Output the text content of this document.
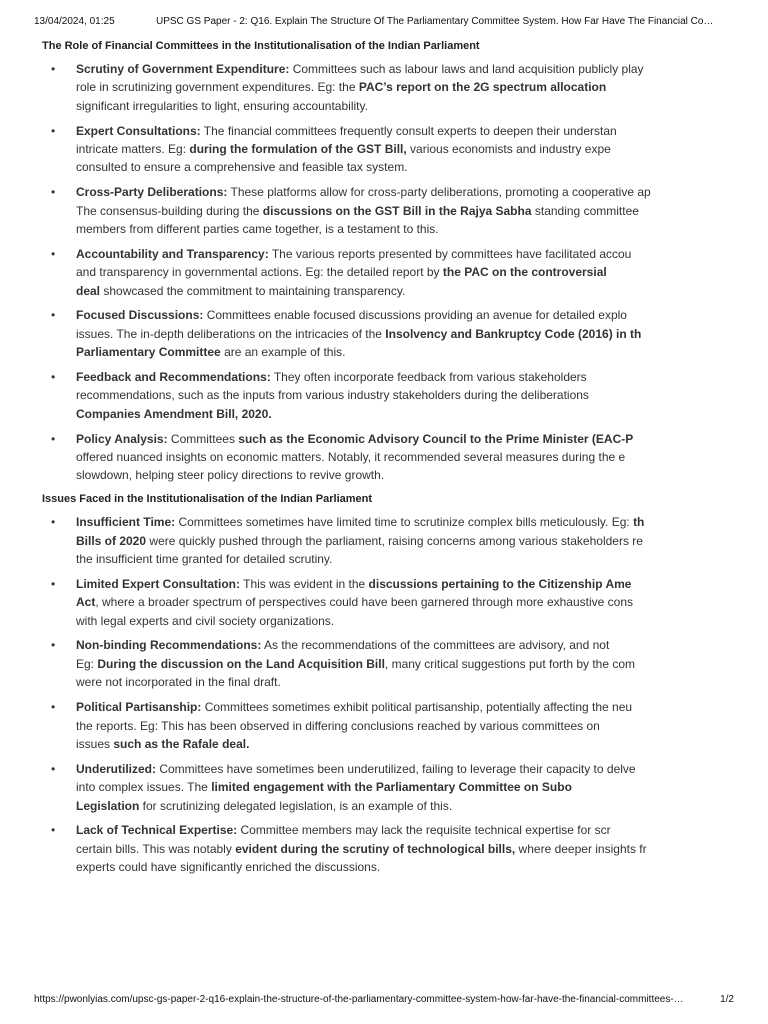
13/04/2024, 01:25	UPSC GS Paper - 2: Q16. Explain The Structure Of The Parliamentary Committee System. How Far Have The Financial Co…
The Role of Financial Committees in the Institutionalisation of the Indian Parliament
• Scrutiny of Government Expenditure: Committees such as labour laws and land acquisition publicly play
role in scrutinizing government expenditures. Eg: the PAC’s report on the 2G spectrum allocation
significant irregularities to light, ensuring accountability.
• Expert Consultations: The financial committees frequently consult experts to deepen their understan
intricate matters. Eg: during the formulation of the GST Bill, various economists and industry expe
consulted to ensure a comprehensive and feasible tax system.
• Cross-Party Deliberations: These platforms allow for cross-party deliberations, promoting a cooperative ap
The consensus-building during the discussions on the GST Bill in the Rajya Sabha standing committee
members from different parties came together, is a testament to this.
• Accountability and Transparency: The various reports presented by committees have facilitated accou
and transparency in governmental actions. Eg: the detailed report by the PAC on the controversial
deal showcased the commitment to maintaining transparency.
• Focused Discussions: Committees enable focused discussions providing an avenue for detailed explo
issues. The in-depth deliberations on the intricacies of the Insolvency and Bankruptcy Code (2016) in th
Parliamentary Committee are an example of this.
• Feedback and Recommendations: They often incorporate feedback from various stakeholders
recommendations, such as the inputs from various industry stakeholders during the deliberations
Companies Amendment Bill, 2020.
• Policy Analysis: Committees such as the Economic Advisory Council to the Prime Minister (EAC-P
offered nuanced insights on economic matters. Notably, it recommended several measures during the e
slowdown, helping steer policy directions to revive growth.
Issues Faced in the Institutionalisation of the Indian Parliament
• Insufficient Time: Committees sometimes have limited time to scrutinize complex bills meticulously. Eg: th
Bills of 2020 were quickly pushed through the parliament, raising concerns among various stakeholders re
the insufficient time granted for detailed scrutiny.
• Limited Expert Consultation: This was evident in the discussions pertaining to the Citizenship Ame
Act, where a broader spectrum of perspectives could have been garnered through more exhaustive cons
with legal experts and civil society organizations.
• Non-binding Recommendations: As the recommendations of the committees are advisory, and not
Eg: During the discussion on the Land Acquisition Bill, many critical suggestions put forth by the com
were not incorporated in the final draft.
• Political Partisanship: Committees sometimes exhibit political partisanship, potentially affecting the neu
the reports. Eg: This has been observed in differing conclusions reached by various committees on
issues such as the Rafale deal.
• Underutilized: Committees have sometimes been underutilized, failing to leverage their capacity to delve
into complex issues. The limited engagement with the Parliamentary Committee on Subo
Legislation for scrutinizing delegated legislation, is an example of this.
• Lack of Technical Expertise: Committee members may lack the requisite technical expertise for scr
certain bills. This was notably evident during the scrutiny of technological bills, where deeper insights fr
experts could have significantly enriched the discussions.
https://pwonlyias.com/upsc-gs-paper-2-q16-explain-the-structure-of-the-parliamentary-committee-system-how-far-have-the-financial-committees-…	1/2
